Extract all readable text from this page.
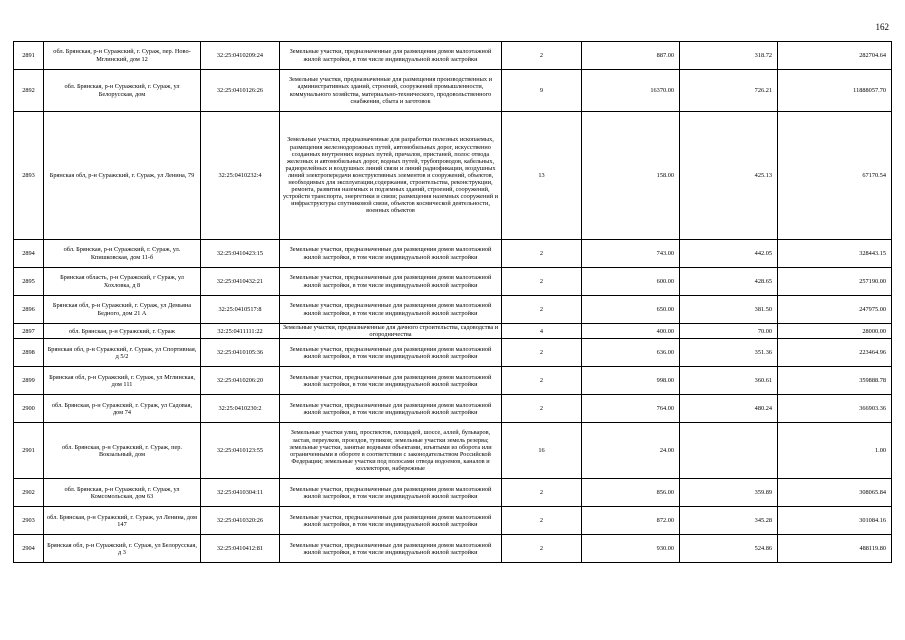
162
2891	обл. Брянская, р-н Суражский, г. Сураж, пер. Ново-Мглинский, дом 12	32:25:0410209:24	Земельные участки, предназначенные для размещения домов малоэтажной жилой застройки, в том числе индивидуальной жилой застройки	2	887.00	318.72	282704.64
2892	обл. Брянская, р-н Суражский, г. Сураж, ул Белорусская, дом	32:25:0410126:26	Земельные участки, предназначенные для размещения производственных и административных зданий, строений, сооружений промышленности, коммунального хозяйства, материально-технического, продовольственного снабжения, сбыта и заготовок	9	16370.00	726.21	11888057.70
2893	Брянская обл, р-н Суражский, г. Сураж, ул Ленина, 79	32:25:0410232:4	Земельные участки, предназначенные для разработки полезных ископаемых, размещения железнодорожных путей, автомобильных дорог, искусственно созданных внутренних водных путей, причалов, пристаней, полос отвода железных и автомобильных дорог, водных путей, трубопроводов, кабельных, радиорелейных и воздушных линий связи и линий радиофикации, воздушных линий электропередачи конструктивных элементов и сооружений, объектов, необходимых для эксплуатации,содержания, строительства, реконструкции, ремонта, развития наземных и подземных зданий, строений, сооружений, устройств транспорта, энергетики и связи; размещения наземных сооружений и инфраструктуры спутниковой связи, объектов космической деятельности, военных объектов	13	158.00	425.13	67170.54
2894	обл. Брянская, р-н Суражский, г. Сураж, ул. Кпишковская, дом 11-б	32:25:0410423:15	Земельные участки, предназначенные для размещения домов малоэтажной жилой застройки, в том числе индивидуальной жилой застройки	2	743.00	442.05	328443.15
2895	Брянская область, р-н Суражский, г Сураж, ул Хохловка, д 8	32:25:0410432:21	Земельные участки, предназначенные для размещения домов малоэтажной жилой застройки, в том числе индивидуальной жилой застройки	2	600.00	428.65	257190.00
2896	Брянская обл, р-н Суражский, г. Сураж, ул Демьяна Бедного, дом 21 А	32:25:0410517:8	Земельные участки, предназначенные для размещения домов малоэтажной жилой застройки, в том числе индивидуальной жилой застройки	2	650.00	381.50	247975.00
2897	обл. Брянская, р-н Суражский, г. Сураж	32:25:0411111:22	Земельные участки, предназначенные для дачного строительства, садоводства и огородничества	4	400.00	70.00	28000.00
2898	Брянская обл, р-н Суражский, г. Сураж, ул Спортивная, д 5/2	32:25:0410105:36	Земельные участки, предназначенные для размещения домов малоэтажной жилой застройки, в том числе индивидуальной жилой застройки	2	636.00	351.36	223464.96
2899	Брянская обл, р-н Суражский, г. Сураж, ул Мглинская, дом 111	32:25:0410206:20	Земельные участки, предназначенные для размещения домов малоэтажной жилой застройки, в том числе индивидуальной жилой застройки	2	998.00	360.61	359888.78
2900	обл. Брянская, р-н Суражский, г. Сураж, ул Садовая, дом 74	32:25:0410230:2	Земельные участки, предназначенные для размещения домов малоэтажной жилой застройки, в том числе индивидуальной жилой застройки	2	764.00	480.24	366903.36
2901	обл. Брянская, р-н Суражский, г. Сураж, пер. Вокзальный, дом	32:25:0410123:55	Земельные участки улиц, проспектов, площадей, шоссе, аллей, бульваров, застав, переулков, проездов, тупиков; земельные участки земель резерва; земельные участки, занятые водными объектами, изъятыми из оборота или ограниченными в обороте в соответствии с законодательством Российской Федерации; земельные участки под полосами отвода водоемов, каналов и коллекторов, набережные	16	24.00		1.00
2902	обл. Брянская, р-н Суражский, г. Сураж, ул Комсомольская, дом 63	32:25:0410304:11	Земельные участки, предназначенные для размещения домов малоэтажной жилой застройки, в том числе индивидуальной жилой застройки	2	856.00	359.89	308065.84
2903	обл. Брянская, р-н Суражский, г. Сураж, ул Ленина, дом 147	32:25:0410320:26	Земельные участки, предназначенные для размещения домов малоэтажной жилой застройки, в том числе индивидуальной жилой застройки	2	872.00	345.28	301084.16
2904	Брянская обл, р-н Суражский, г. Сураж, ул Белорусская, д 3	32:25:0410412:81	Земельные участки, предназначенные для размещения домов малоэтажной жилой застройки, в том числе индивидуальной жилой застройки	2	930.00	524.86	488119.80
